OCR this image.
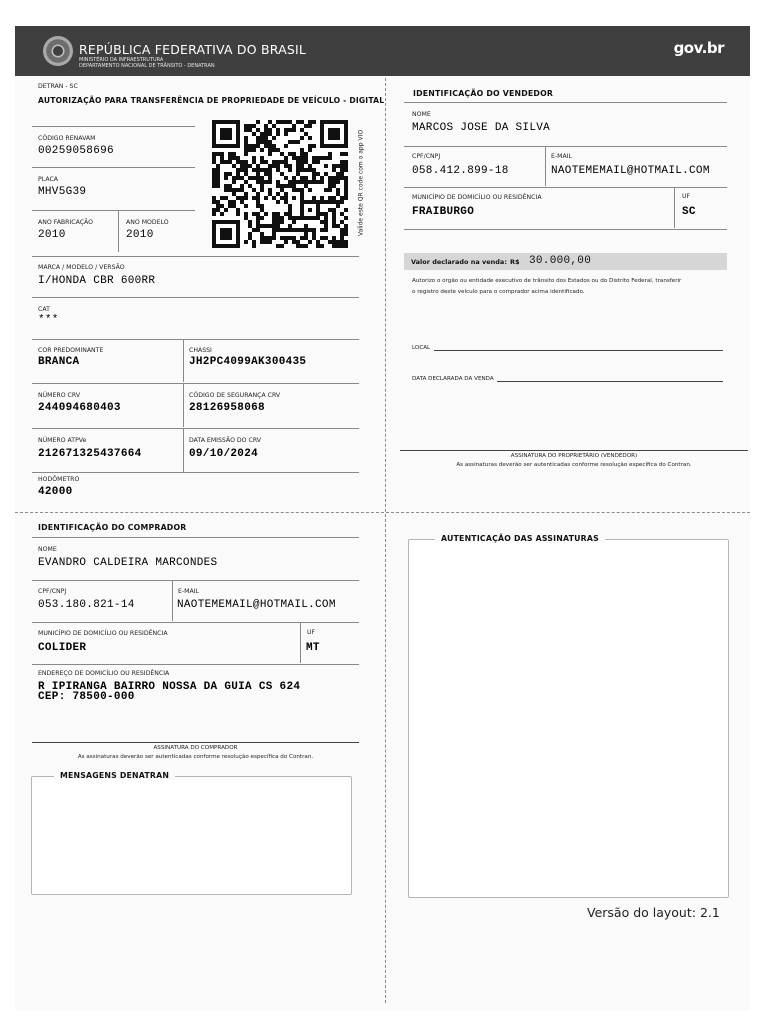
REPÚBLICA FEDERATIVA DO BRASIL
MINISTÉRIO DA INFRAESTRUTURA
DEPARTAMENTO NACIONAL DE TRÂNSITO - DENATRAN
gov.br
DETRAN - SC
AUTORIZAÇÃO PARA TRANSFERÊNCIA DE PROPRIEDADE DE VEÍCULO - DIGITAL
CÓDIGO RENAVAM
00259058696
PLACA
MHV5G39
ANO FABRICAÇÃO
2010
ANO MODELO
2010	Valide este QR code com o app VIO
MARCA / MODELO / VERSÃO
I/HONDA CBR 600RR
CAT
***
COR PREDOMINANTE
BRANCA
CHASSI
JH2PC4099AK300435
NÚMERO CRV
244094680403
CÓDIGO DE SEGURANÇA CRV
28126958068
NÚMERO ATPVe
212671325437664
DATA EMISSÃO DO CRV
09/10/2024
HODÔMETRO
42000
IDENTIFICAÇÃO DO VENDEDOR
NOME
MARCOS JOSE DA SILVA
CPF/CNPJ
058.412.899-18
E-MAIL
NAOTEMEMAIL@HOTMAIL.COM
MUNICÍPIO DE DOMICÍLIO OU RESIDÊNCIA
FRAIBURGO
UF
SC
Valor declarado na venda: R$ 30.000,00
Autorizo o orgão ou entidade executivo de trânsito dos Estados ou do Distrito Federal, transferir
o registro deste veículo para o comprador acima identificado.
LOCAL
DATA DECLARADA DA VENDA
ASSINATURA DO PROPRIETÁRIO (VENDEDOR)
As assinaturas deverão ser autenticadas conforme resolução específica do Contran.
IDENTIFICAÇÃO DO COMPRADOR
NOME
EVANDRO CALDEIRA MARCONDES
CPF/CNPJ
053.180.821-14
E-MAIL
NAOTEMEMAIL@HOTMAIL.COM
MUNICÍPIO DE DOMICÍLIO OU RESIDÊNCIA
COLIDER
UF
MT
ENDEREÇO DE DOMICÍLIO OU RESIDÊNCIA
R IPIRANGA BAIRRO NOSSA DA GUIA CS 624
CEP: 78500-000
ASSINATURA DO COMPRADOR
As assinaturas deverão ser autenticadas conforme resolução específica do Contran.
MENSAGENS DENATRAN
AUTENTICAÇÃO DAS ASSINATURAS
Versão do layout: 2.1
